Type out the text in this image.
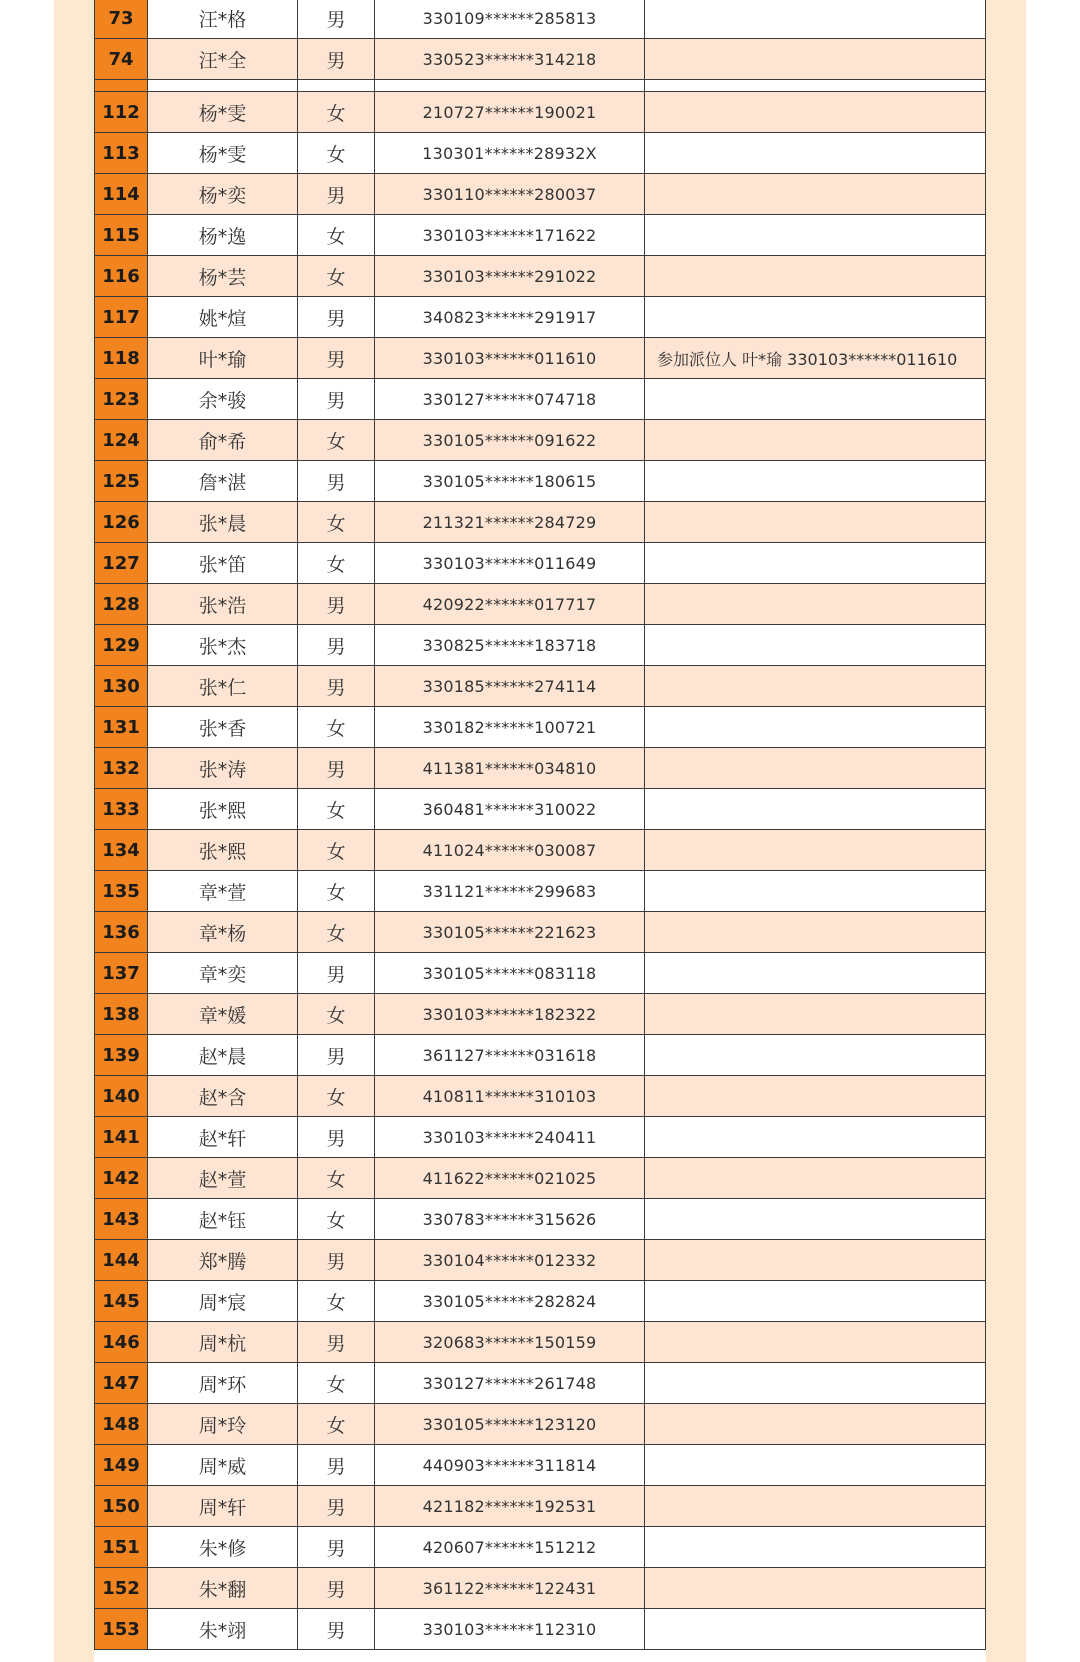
73	汪*格	男	330109******285813
74	汪*全	男	330523******314218
112	杨*雯	女	210727******190021
113	杨*雯	女	130301******28932X
114	杨*奕	男	330110******280037
115	杨*逸	女	330103******171622
116	杨*芸	女	330103******291022
117	姚*煊	男	340823******291917
118	叶*瑜	男	330103******011610	参加派位人 叶*瑜 330103******011610
123	余*骏	男	330127******074718
124	俞*希	女	330105******091622
125	詹*湛	男	330105******180615
126	张*晨	女	211321******284729
127	张*笛	女	330103******011649
128	张*浩	男	420922******017717
129	张*杰	男	330825******183718
130	张*仁	男	330185******274114
131	张*香	女	330182******100721
132	张*涛	男	411381******034810
133	张*熙	女	360481******310022
134	张*熙	女	411024******030087
135	章*萱	女	331121******299683
136	章*杨	女	330105******221623
137	章*奕	男	330105******083118
138	章*媛	女	330103******182322
139	赵*晨	男	361127******031618
140	赵*含	女	410811******310103
141	赵*轩	男	330103******240411
142	赵*萱	女	411622******021025
143	赵*钰	女	330783******315626
144	郑*腾	男	330104******012332
145	周*宸	女	330105******282824
146	周*杭	男	320683******150159
147	周*环	女	330127******261748
148	周*玲	女	330105******123120
149	周*威	男	440903******311814
150	周*轩	男	421182******192531
151	朱*修	男	420607******151212
152	朱*翻	男	361122******122431
153	朱*翊	男	330103******112310
